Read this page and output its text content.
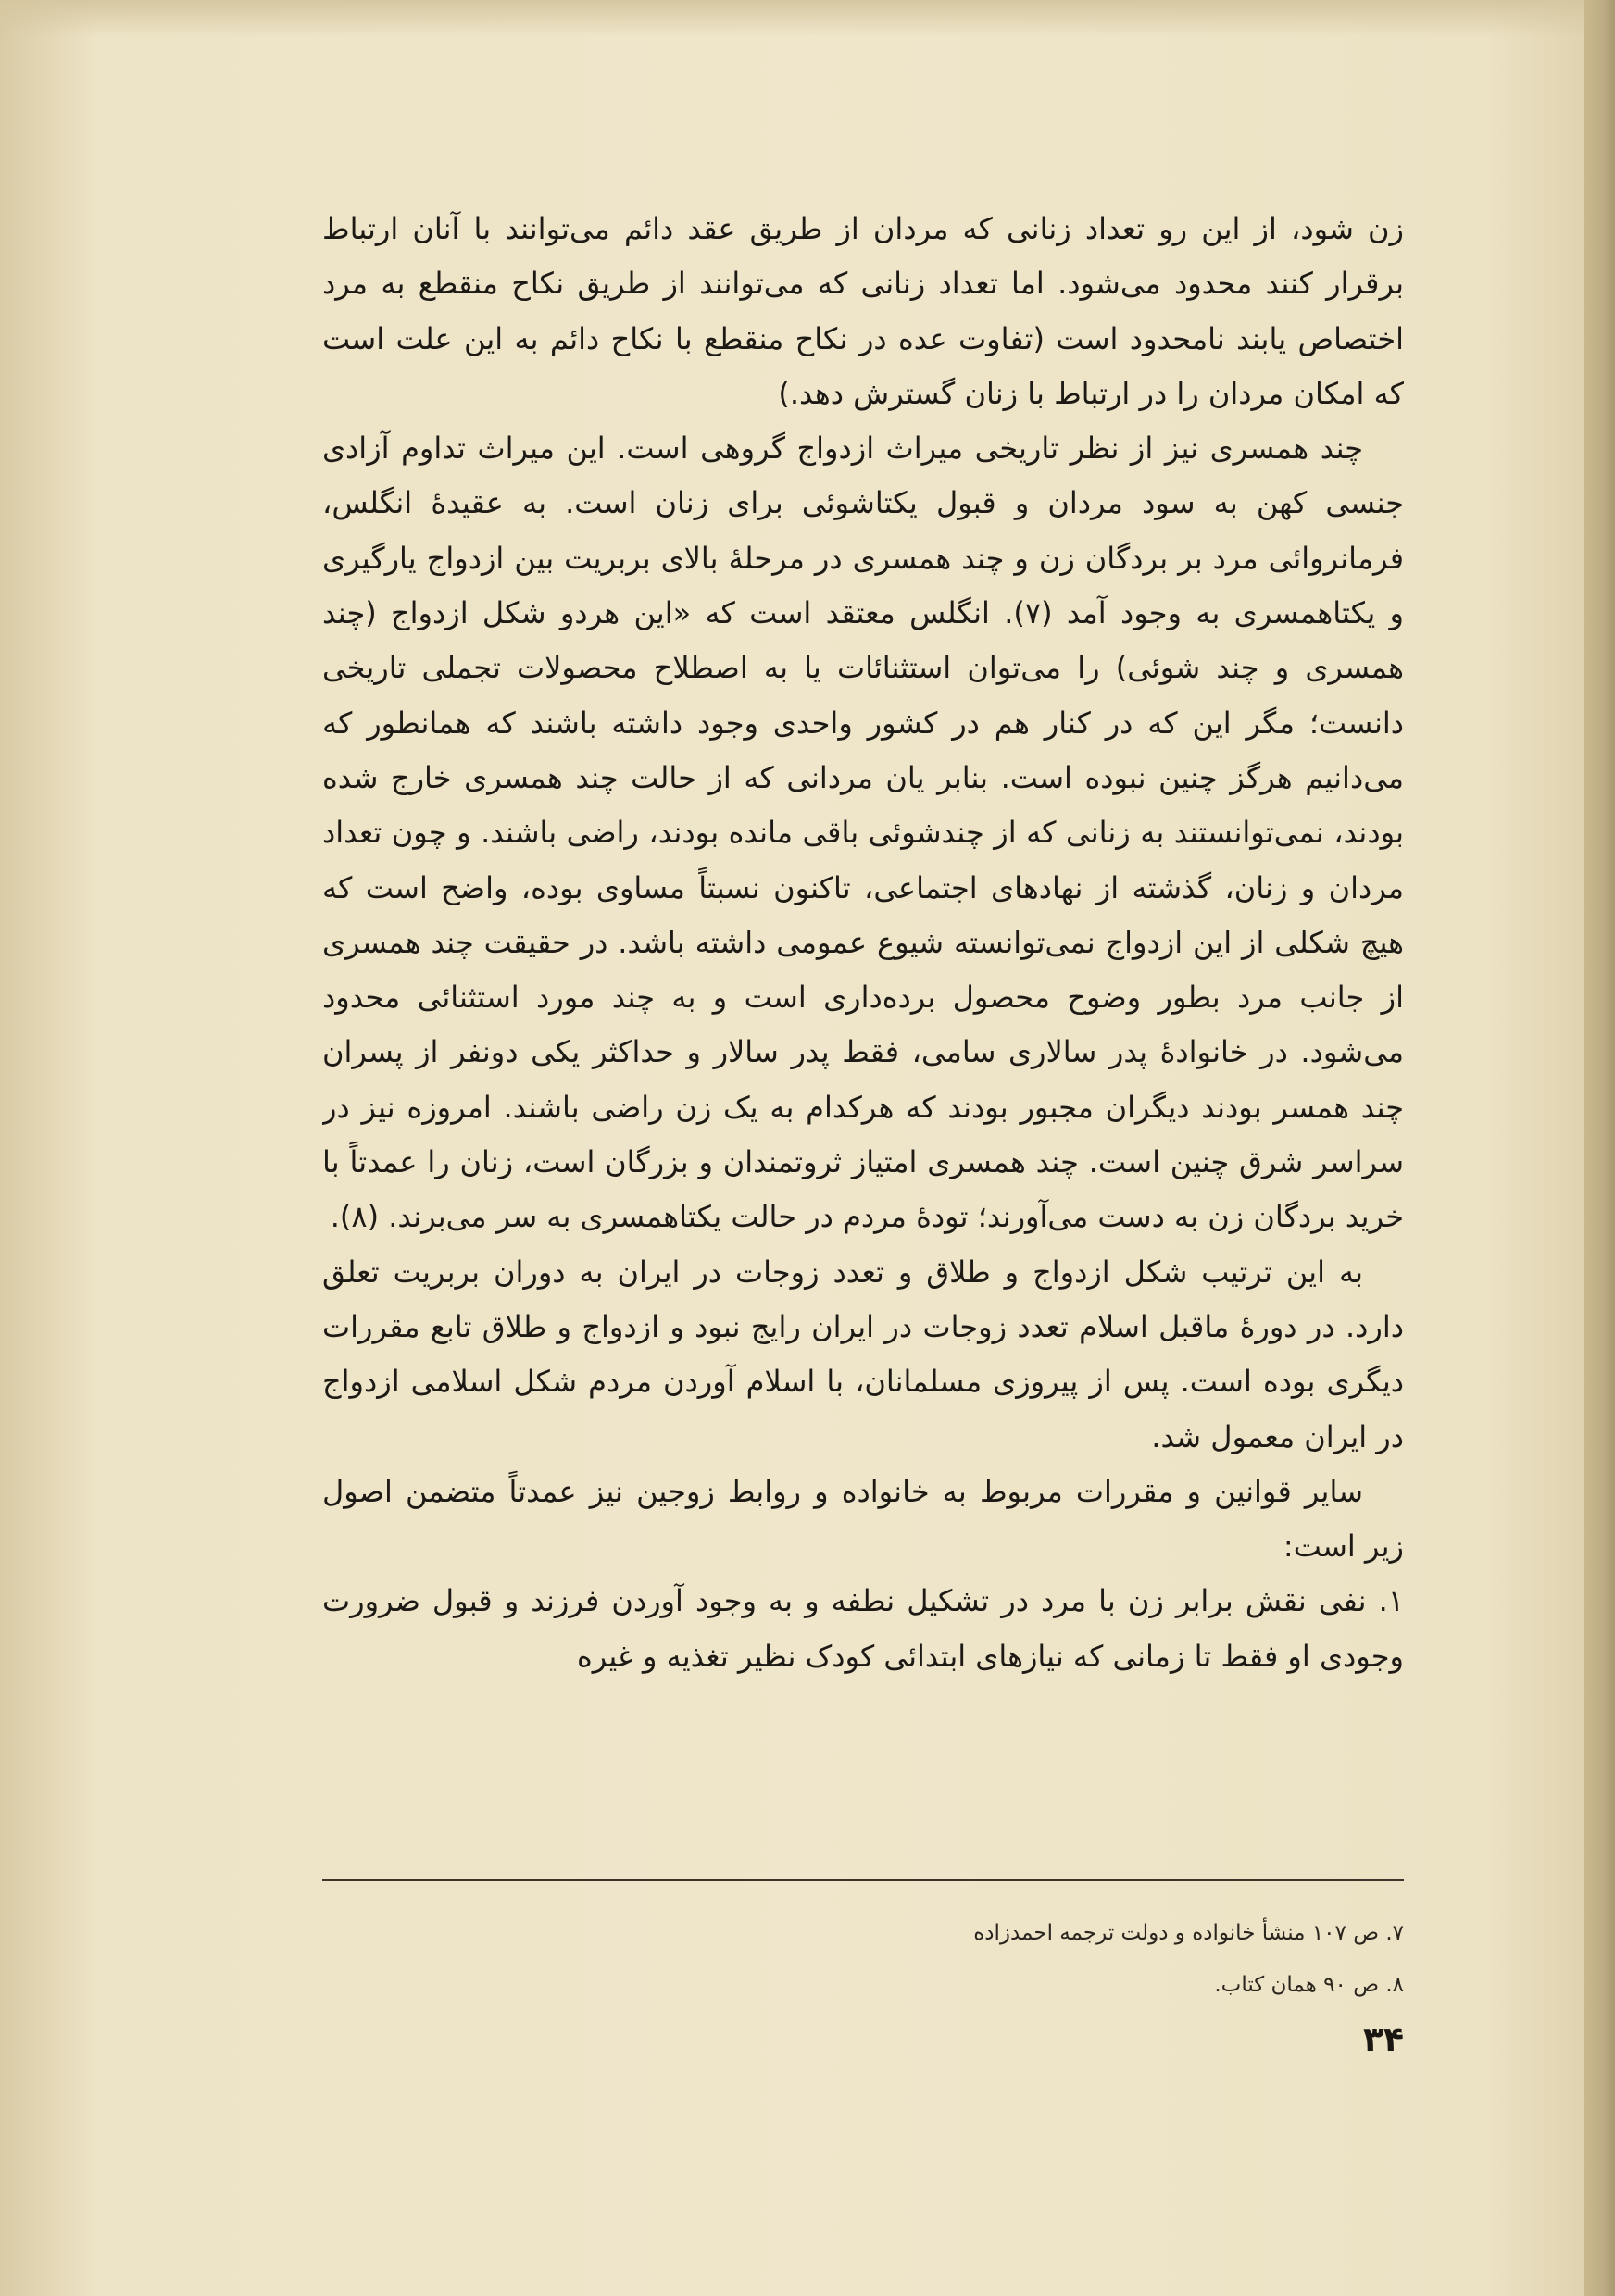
زن شود، از این رو تعداد زنانی که مردان از طریق عقد دائم می‌توانند با آنان ارتباط برقرار کنند محدود می‌شود. اما تعداد زنانی که می‌توانند از طریق نکاح منقطع به مرد اختصاص یابند نامحدود است (تفاوت عده در نکاح منقطع با نکاح دائم به این علت است که امکان مردان را در ارتباط با زنان گسترش دهد.)

چند همسری نیز از نظر تاریخی میراث ازدواج گروهی است. این میراث تداوم آزادی جنسی کهن به سود مردان و قبول یکتاشوئی برای زنان است. به عقیدهٔ انگلس، فرمانروائی مرد بر بردگان زن و چند همسری در مرحلهٔ بالای بربریت بین ازدواج یارگیری و یکتاهمسری به وجود آمد (۷). انگلس معتقد است که «این هردو شکل ازدواج (چند همسری و چند شوئی) را می‌توان استثنائات یا به اصطلاح محصولات تجملی تاریخی دانست؛ مگر این که در کنار هم در کشور واحدی وجود داشته باشند که همانطور که می‌دانیم هرگز چنین نبوده است. بنابر یان مردانی که از حالت چند همسری خارج شده بودند، نمی‌توانستند به زنانی که از چندشوئی باقی مانده بودند، راضی باشند. و چون تعداد مردان و زنان، گذشته از نهادهای اجتماعی، تاکنون نسبتاً مساوی بوده، واضح است که هیچ شکلی از این ازدواج نمی‌توانسته شیوع عمومی داشته باشد. در حقیقت چند همسری از جانب مرد بطور وضوح محصول برده‌داری است و به چند مورد استثنائی محدود می‌شود. در خانوادهٔ پدر سالاری سامی، فقط پدر سالار و حداکثر یکی دونفر از پسران چند همسر بودند دیگران مجبور بودند که هرکدام به یک زن راضی باشند. امروزه نیز در سراسر شرق چنین است. چند همسری امتیاز ثروتمندان و بزرگان است، زنان را عمدتاً با خرید بردگان زن به دست می‌آورند؛ تودهٔ مردم در حالت یکتاهمسری به سر می‌برند. (۸).

به این ترتیب شکل ازدواج و طلاق و تعدد زوجات در ایران به دوران بربریت تعلق دارد. در دورهٔ ماقبل اسلام تعدد زوجات در ایران رایج نبود و ازدواج و طلاق تابع مقررات دیگری بوده است. پس از پیروزی مسلمانان، با اسلام آوردن مردم شکل اسلامی ازدواج در ایران معمول شد.

سایر قوانین و مقررات مربوط به خانواده و روابط زوجین نیز عمدتاً متضمن اصول زیر است:

۱. نفی نقش برابر زن با مرد در تشکیل نطفه و به وجود آوردن فرزند و قبول ضرورت وجودی او فقط تا زمانی که نیازهای ابتدائی کودک نظیر تغذیه و غیره

۷. ص ۱۰۷ منشأ خانواده و دولت ترجمه احمدزاده
۸. ص ۹۰ همان کتاب.
۳۴
